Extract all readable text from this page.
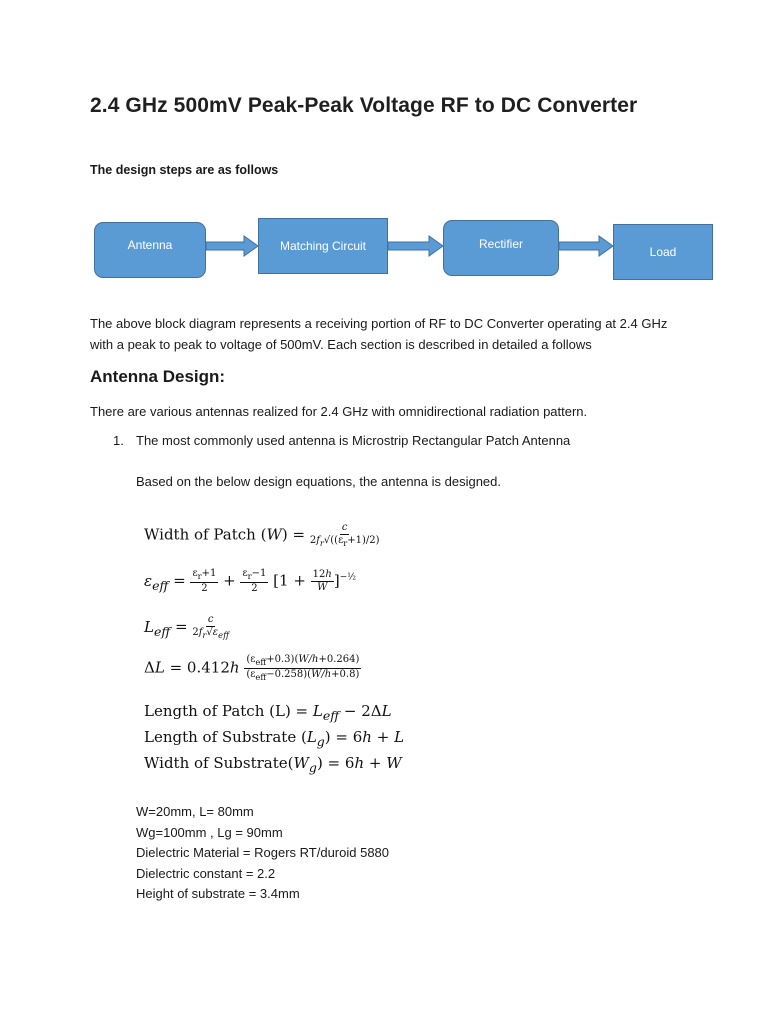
2.4 GHz 500mV Peak-Peak Voltage RF to DC Converter
The design steps are as follows
Antenna	Matching Circuit	Rectifier
Load
The above block diagram represents a receiving portion of RF to DC Converter operating at 2.4 GHz with a peak to peak to voltage of 500mV. Each section is described in detailed a follows
Antenna Design:
There are various antennas realized for 2.4 GHz with omnidirectional radiation pattern.
1. The most commonly used antenna is Microstrip Rectangular Patch Antenna
Based on the below design equations, the antenna is designed.
Width of Patch $(W) = \frac{c}{2f_r√((\varepsilon_r+1)/2)}$
$\varepsilon_{eff} = \frac{\varepsilon_r+1}{2} + \frac{\varepsilon_r-1}{2} [1 + \frac{12h}{W} ]^{-\frac{1}{2}}$
$L_{eff} = \frac{c}{2f_r√\varepsilon_{eff}}$
$\Delta L = 0.412h \frac{(\varepsilon_{eff}+0.3)(W/h+0.264)}{(\varepsilon_{eff}-0.258)(W/h+0.8)}$
Length of Patch $(L) = L_{eff} - 2\Delta L$
Length of Substrate $(L_g) = 6h + L$
Width of $Substrate(W_g) = 6h + W$
W=20mm, L= 80mm
Wg=100mm , Lg = 90mm
Dielectric Material = Rogers RT/duroid 5880
Dielectric constant = 2.2
Height of substrate = 3.4mm
